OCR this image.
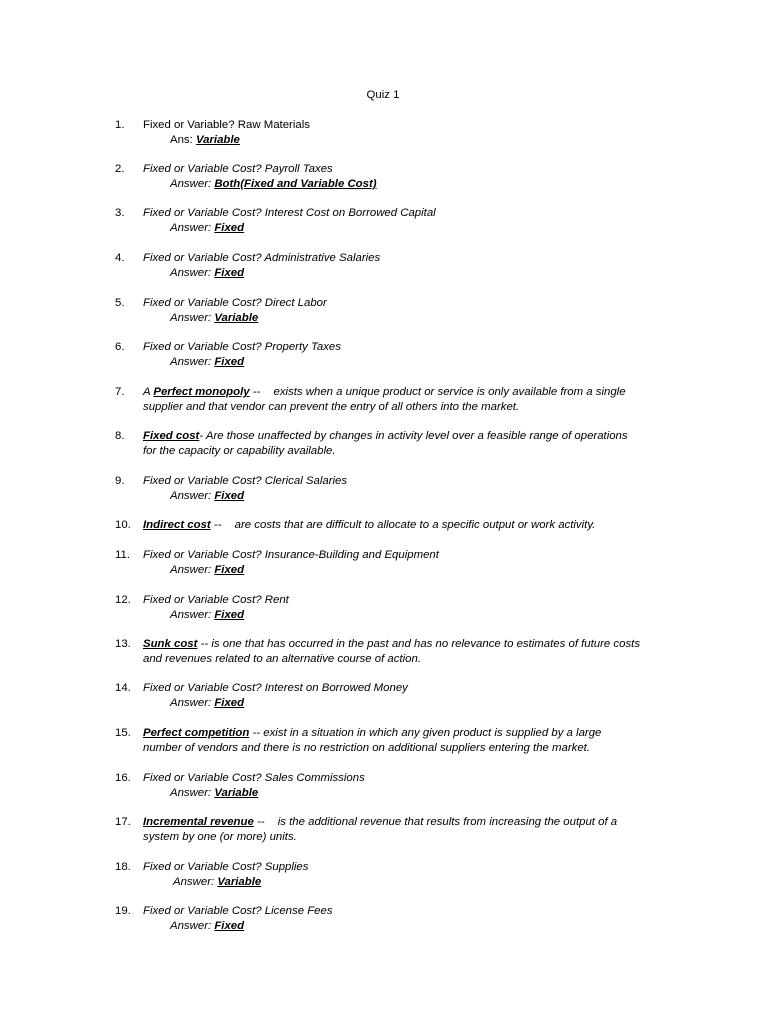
Quiz 1
1.	Fixed or Variable? Raw Materials
Ans: Variable
2.	Fixed or Variable Cost? Payroll Taxes
Answer: Both(Fixed and Variable Cost)
3.	Fixed or Variable Cost? Interest Cost on Borrowed Capital
Answer: Fixed
4.	Fixed or Variable Cost? Administrative Salaries
Answer: Fixed
5.	Fixed or Variable Cost? Direct Labor
Answer: Variable
6.	Fixed or Variable Cost? Property Taxes
Answer: Fixed
7.	A Perfect monopoly -- exists when a unique product or service is only available from a single
supplier and that vendor can prevent the entry of all others into the market.
8.	Fixed cost- Are those unaffected by changes in activity level over a feasible range of operations
for the capacity or capability available.
9.	Fixed or Variable Cost? Clerical Salaries
Answer: Fixed
10.	Indirect cost -- are costs that are difficult to allocate to a specific output or work activity.
11.	Fixed or Variable Cost? Insurance-Building and Equipment
Answer: Fixed
12.	Fixed or Variable Cost? Rent
Answer: Fixed
13.	Sunk cost -- is one that has occurred in the past and has no relevance to estimates of future costs
and revenues related to an alternative course of action.
14.	Fixed or Variable Cost? Interest on Borrowed Money
Answer: Fixed
15.	Perfect competition -- exist in a situation in which any given product is supplied by a large
number of vendors and there is no restriction on additional suppliers entering the market.
16.	Fixed or Variable Cost? Sales Commissions
Answer: Variable
17.	Incremental revenue -- is the additional revenue that results from increasing the output of a
system by one (or more) units.
18.	Fixed or Variable Cost? Supplies
Answer: Variable
19.	Fixed or Variable Cost? License Fees
Answer: Fixed
